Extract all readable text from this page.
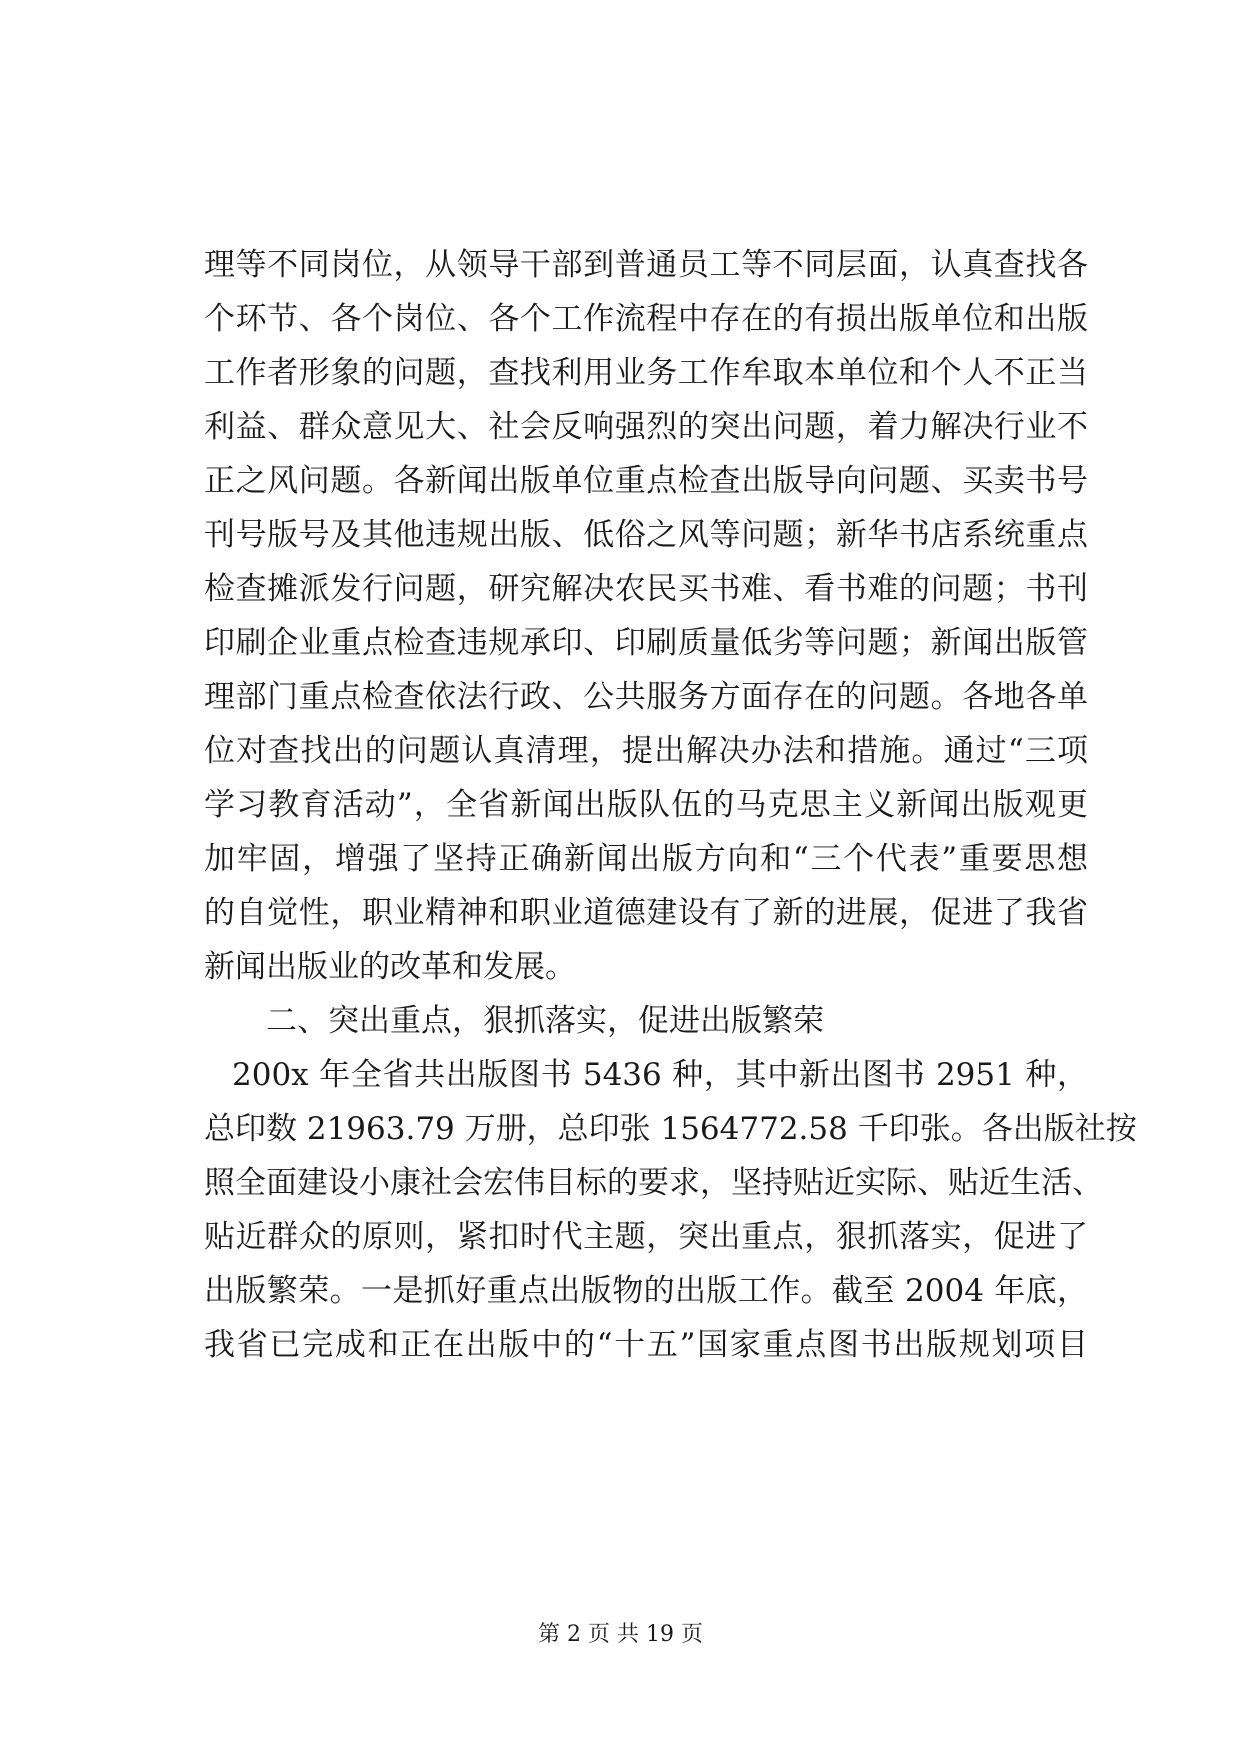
理等不同岗位，从领导干部到普通员工等不同层面，认真查找各
个环节、各个岗位、各个工作流程中存在的有损出版单位和出版
工作者形象的问题，查找利用业务工作牟取本单位和个人不正当
利益、群众意见大、社会反响强烈的突出问题，着力解决行业不
正之风问题。各新闻出版单位重点检查出版导向问题、买卖书号
刊号版号及其他违规出版、低俗之风等问题；新华书店系统重点
检查摊派发行问题，研究解决农民买书难、看书难的问题；书刊
印刷企业重点检查违规承印、印刷质量低劣等问题；新闻出版管
理部门重点检查依法行政、公共服务方面存在的问题。各地各单
位对查找出的问题认真清理，提出解决办法和措施。通过“三项
学习教育活动”，全省新闻出版队伍的马克思主义新闻出版观更
加牢固，增强了坚持正确新闻出版方向和“三个代表”重要思想
的自觉性，职业精神和职业道德建设有了新的进展，促进了我省
新闻出版业的改革和发展。
二、突出重点，狠抓落实，促进出版繁荣
200x 年全省共出版图书 5436 种，其中新出图书 2951 种，
总印数 21963.79 万册，总印张 1564772.58 千印张。各出版社按
照全面建设小康社会宏伟目标的要求，坚持贴近实际、贴近生活、
贴近群众的原则，紧扣时代主题，突出重点，狠抓落实，促进了
出版繁荣。一是抓好重点出版物的出版工作。截至 2004 年底，
我省已完成和正在出版中的“十五”国家重点图书出版规划项目
第 2 页 共 19 页
